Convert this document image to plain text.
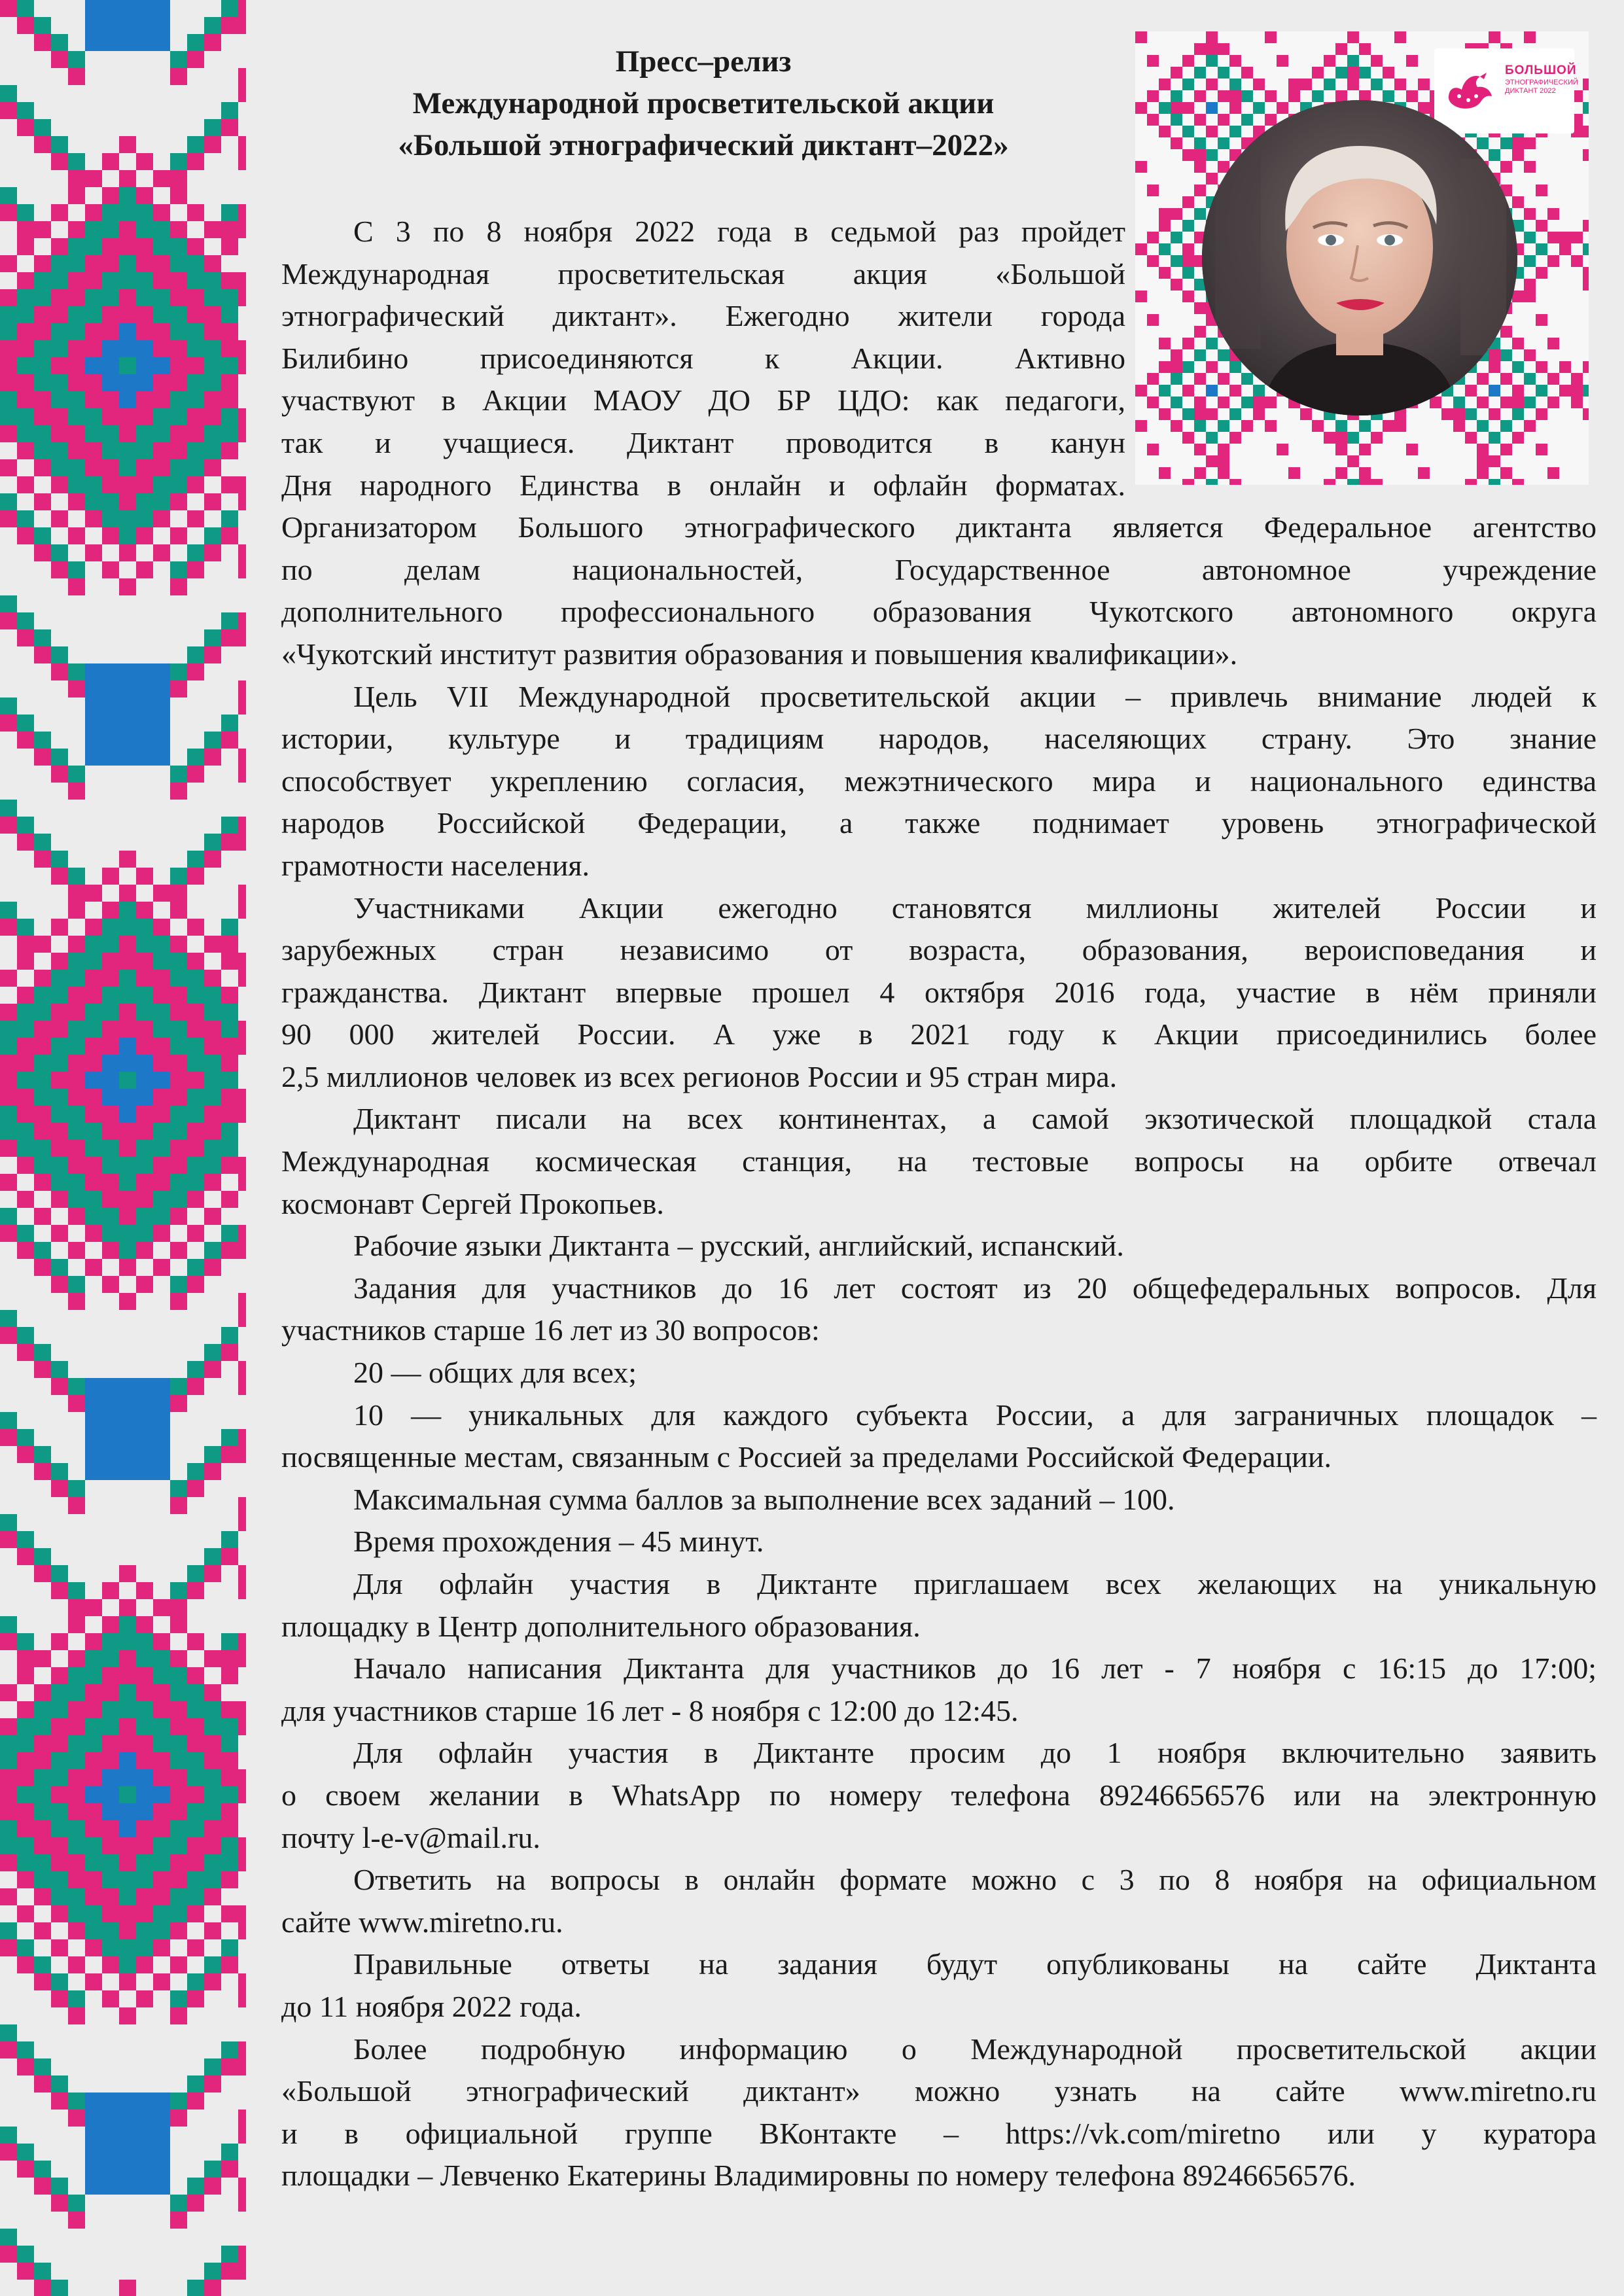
Пресс–релиз
Международной просветительской акции
«Большой этнографический диктант–2022»
БОЛЬШОЙ
ЭТНОГРАФИЧЕСКИЙ
ДИКТАНТ 2022
С 3 по 8 ноября 2022 года в седьмой раз пройдет
Международная просветительская акция «Большой
этнографический диктант». Ежегодно жители города
Билибино присоединяются к Акции. Активно
участвуют в Акции МАОУ ДО БР ЦДО: как педагоги,
так и учащиеся. Диктант проводится в канун
Дня народного Единства в онлайн и офлайн форматах.
Организатором Большого этнографического диктанта является Федеральное агентство
по делам национальностей, Государственное автономное учреждение
дополнительного профессионального образования Чукотского автономного округа
«Чукотский институт развития образования и повышения квалификации».
Цель VII Международной просветительской акции – привлечь внимание людей к
истории, культуре и традициям народов, населяющих страну. Это знание
способствует укреплению согласия, межэтнического мира и национального единства
народов Российской Федерации, а также поднимает уровень этнографической
грамотности населения.
Участниками Акции ежегодно становятся миллионы жителей России и
зарубежных стран независимо от возраста, образования, вероисповедания и
гражданства. Диктант впервые прошел 4 октября 2016 года, участие в нём приняли
90 000 жителей России. А уже в 2021 году к Акции присоединились более
2,5 миллионов человек из всех регионов России и 95 стран мира.
Диктант писали на всех континентах, а самой экзотической площадкой стала
Международная космическая станция, на тестовые вопросы на орбите отвечал
космонавт Сергей Прокопьев.
Рабочие языки Диктанта – русский, английский, испанский.
Задания для участников до 16 лет состоят из 20 общефедеральных вопросов. Для
участников старше 16 лет из 30 вопросов:
20 — общих для всех;
10 — уникальных для каждого субъекта России, а для заграничных площадок –
посвященные местам, связанным с Россией за пределами Российской Федерации.
Максимальная сумма баллов за выполнение всех заданий – 100.
Время прохождения – 45 минут.
Для офлайн участия в Диктанте приглашаем всех желающих на уникальную
площадку в Центр дополнительного образования.
Начало написания Диктанта для участников до 16 лет - 7 ноября с 16:15 до 17:00;
для участников старше 16 лет - 8 ноября с 12:00 до 12:45.
Для офлайн участия в Диктанте просим до 1 ноября включительно заявить
о своем желании в WhatsApp по номеру телефона 89246656576 или на электронную
почту l-e-v@mail.ru.
Ответить на вопросы в онлайн формате можно с 3 по 8 ноября на официальном
сайте www.miretno.ru.
Правильные ответы на задания будут опубликованы на сайте Диктанта
до 11 ноября 2022 года.
Более подробную информацию о Международной просветительской акции
«Большой этнографический диктант» можно узнать на сайте www.miretno.ru
и в официальной группе ВКонтакте – https://vk.com/miretno или у куратора
площадки – Левченко Екатерины Владимировны по номеру телефона 89246656576.
